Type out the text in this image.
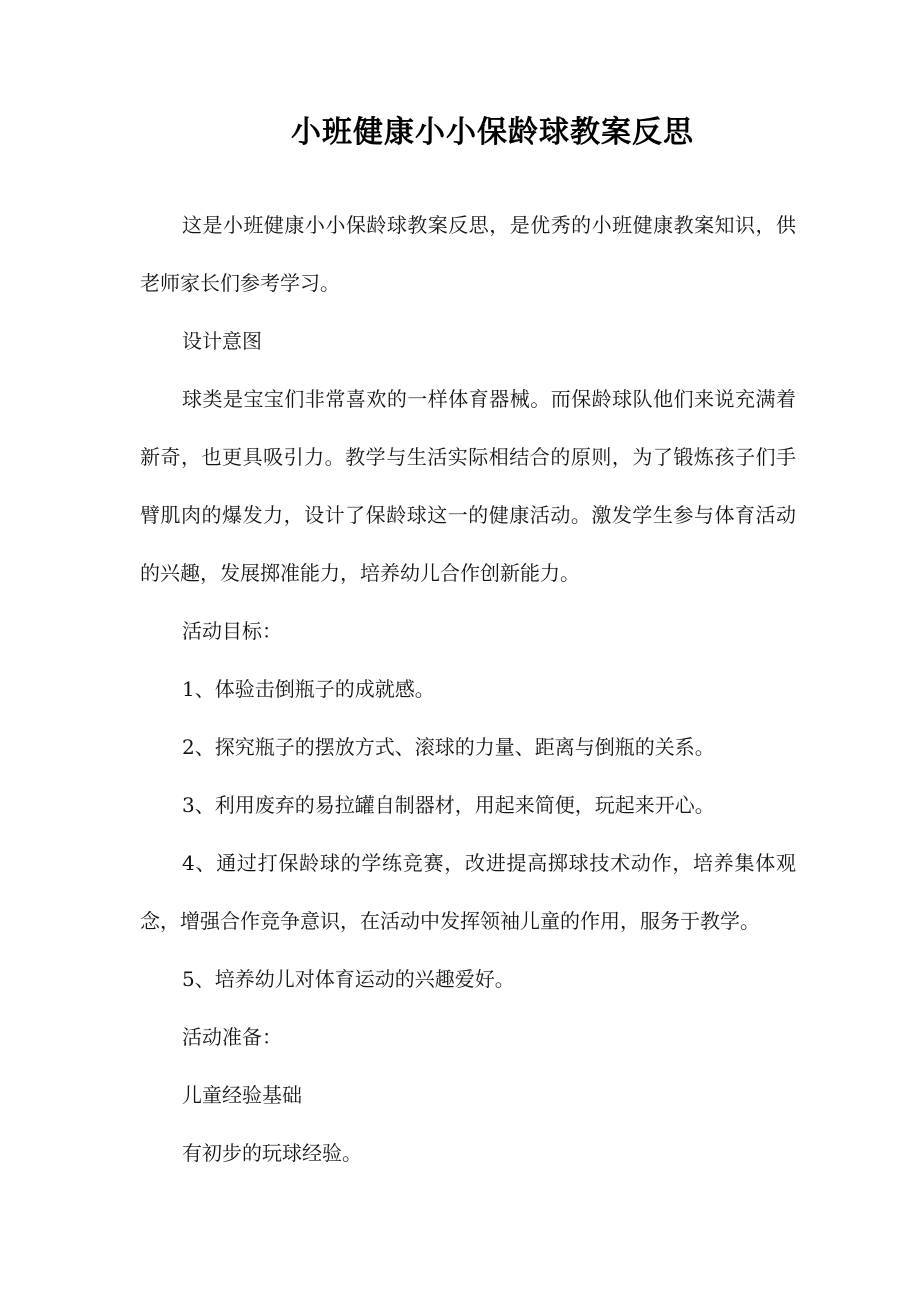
小班健康小小保龄球教案反思

这是小班健康小小保龄球教案反思，是优秀的小班健康教案知识，供老师家长们参考学习。

设计意图

球类是宝宝们非常喜欢的一样体育器械。而保龄球队他们来说充满着新奇，也更具吸引力。教学与生活实际相结合的原则，为了锻炼孩子们手臂肌肉的爆发力，设计了保龄球这一的健康活动。激发学生参与体育活动的兴趣，发展掷准能力，培养幼儿合作创新能力。

活动目标：

1、体验击倒瓶子的成就感。

2、探究瓶子的摆放方式、滚球的力量、距离与倒瓶的关系。

3、利用废弃的易拉罐自制器材，用起来简便，玩起来开心。

4、通过打保龄球的学练竞赛，改进提高掷球技术动作，培养集体观念，增强合作竞争意识，在活动中发挥领袖儿童的作用，服务于教学。

5、培养幼儿对体育运动的兴趣爱好。

活动准备：

儿童经验基础

有初步的玩球经验。
